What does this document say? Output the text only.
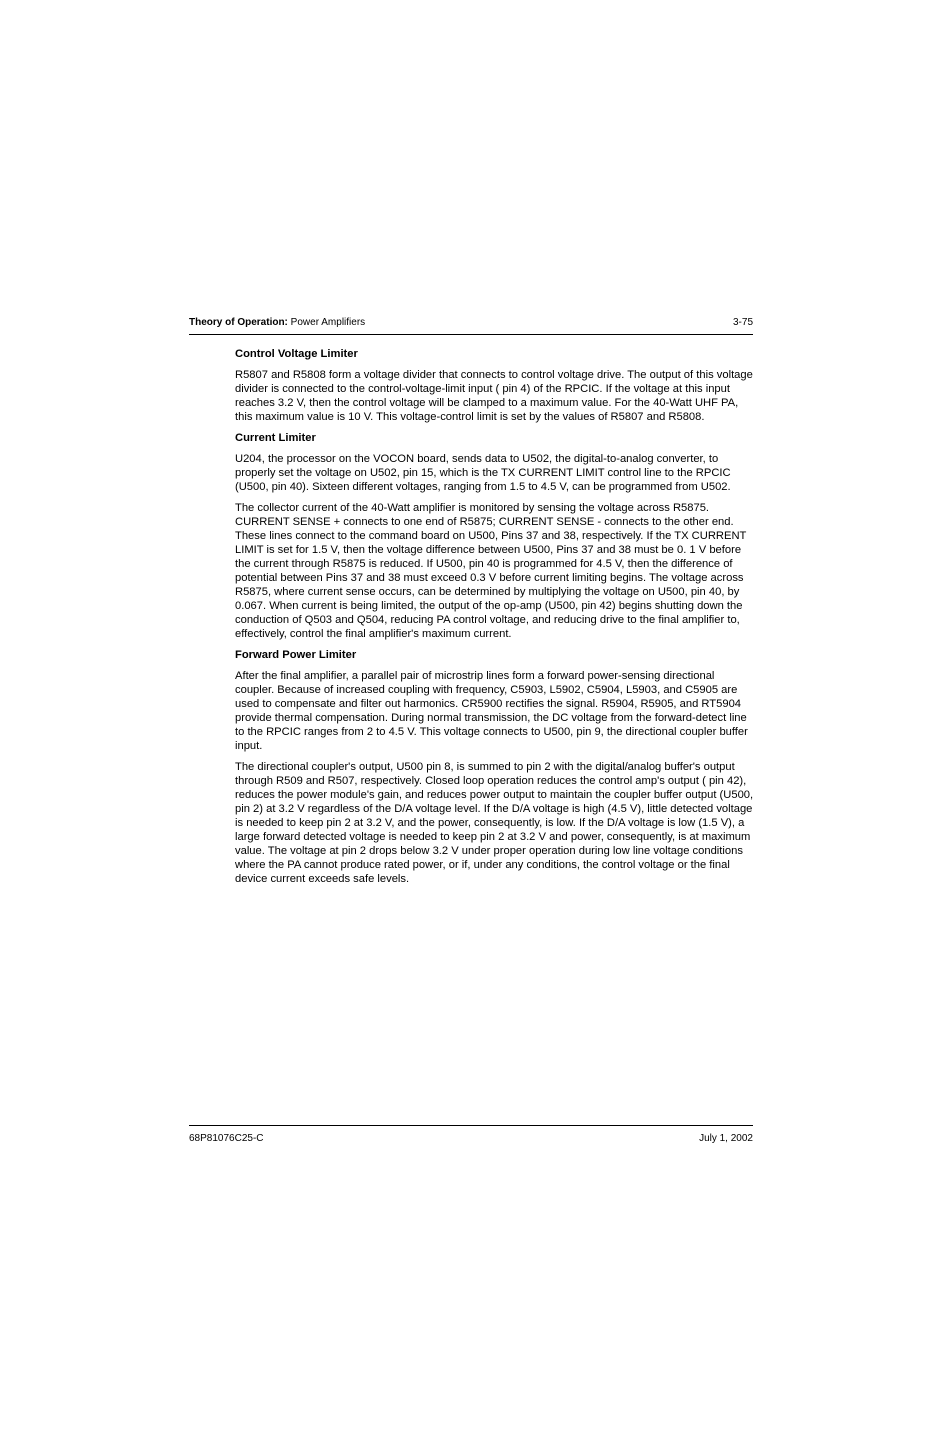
Theory of Operation: Power Amplifiers	3-75
Control Voltage Limiter

R5807 and R5808 form a voltage divider that connects to control voltage drive. The output of this voltage divider is connected to the control-voltage-limit input ( pin 4) of the RPCIC. If the voltage at this input reaches 3.2 V, then the control voltage will be clamped to a maximum value. For the 40-Watt UHF PA, this maximum value is 10 V. This voltage-control limit is set by the values of R5807 and R5808.

Current Limiter

U204, the processor on the VOCON board, sends data to U502, the digital-to-analog converter, to properly set the voltage on U502, pin 15, which is the TX CURRENT LIMIT control line to the RPCIC (U500, pin 40). Sixteen different voltages, ranging from 1.5 to 4.5 V, can be programmed from U502.

The collector current of the 40-Watt amplifier is monitored by sensing the voltage across R5875. CURRENT SENSE + connects to one end of R5875; CURRENT SENSE - connects to the other end. These lines connect to the command board on U500, Pins 37 and 38, respectively. If the TX CURRENT LIMIT is set for 1.5 V, then the voltage difference between U500, Pins 37 and 38 must be 0. 1 V before the current through R5875 is reduced. If U500, pin 40 is programmed for 4.5 V, then the difference of potential between Pins 37 and 38 must exceed 0.3 V before current limiting begins. The voltage across R5875, where current sense occurs, can be determined by multiplying the voltage on U500, pin 40, by 0.067. When current is being limited, the output of the op-amp (U500, pin 42) begins shutting down the conduction of Q503 and Q504, reducing PA control voltage, and reducing drive to the final amplifier to, effectively, control the final amplifier's maximum current.

Forward Power Limiter

After the final amplifier, a parallel pair of microstrip lines form a forward power-sensing directional coupler. Because of increased coupling with frequency, C5903, L5902, C5904, L5903, and C5905 are used to compensate and filter out harmonics. CR5900 rectifies the signal. R5904, R5905, and RT5904 provide thermal compensation. During normal transmission, the DC voltage from the forward-detect line to the RPCIC ranges from 2 to 4.5 V. This voltage connects to U500, pin 9, the directional coupler buffer input.

The directional coupler's output, U500 pin 8, is summed to pin 2 with the digital/analog buffer's output through R509 and R507, respectively. Closed loop operation reduces the control amp's output ( pin 42), reduces the power module's gain, and reduces power output to maintain the coupler buffer output (U500, pin 2) at 3.2 V regardless of the D/A voltage level. If the D/A voltage is high (4.5 V), little detected voltage is needed to keep pin 2 at 3.2 V, and the power, consequently, is low. If the D/A voltage is low (1.5 V), a large forward detected voltage is needed to keep pin 2 at 3.2 V and power, consequently, is at maximum value. The voltage at pin 2 drops below 3.2 V under proper operation during low line voltage conditions where the PA cannot produce rated power, or if, under any conditions, the control voltage or the final device current exceeds safe levels.

68P81076C25-C	July 1, 2002
